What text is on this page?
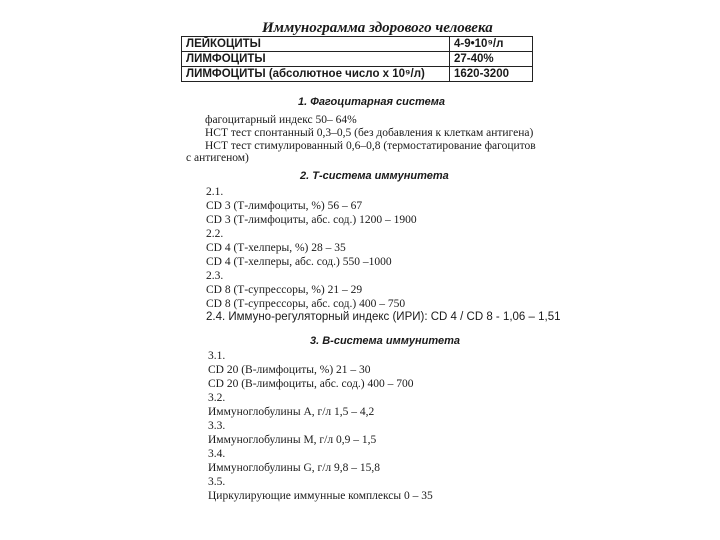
Иммунограмма здорового человека
ЛЕЙКОЦИТЫ	4-9•10⁹/л
ЛИМФОЦИТЫ	27-40%
ЛИМФОЦИТЫ (абсолютное число х 10⁹/л)	1620-3200
1. Фагоцитарная система
фагоцитарный индекс 50– 64%
НСТ тест спонтанный 0,3–0,5 (без добавления к клеткам антигена)
НСТ тест стимулированный 0,6–0,8 (термостатирование фагоцитов
с антигеном)
2. Т-система иммунитета
2.1.
CD 3 (Т-лимфоциты, %) 56 – 67
CD 3 (Т-лимфоциты, абс. сод.) 1200 – 1900
2.2.
CD 4 (Т-хелперы, %) 28 – 35
CD 4 (Т-хелперы, абс. сод.) 550 –1000
2.3.
CD 8 (Т-супрессоры, %) 21 – 29
CD 8 (Т-супрессоры, абс. сод.) 400 – 750
2.4. Иммуно-регуляторный индекс (ИРИ): CD 4 / CD 8 - 1,06 – 1,51
3. В-система иммунитета
3.1.
CD 20 (В-лимфоциты, %) 21 – 30
CD 20 (В-лимфоциты, абс. сод.) 400 – 700
3.2.
Иммуноглобулины А, г/л 1,5 – 4,2
3.3.
Иммуноглобулины М, г/л 0,9 – 1,5
3.4.
Иммуноглобулины G, г/л 9,8 – 15,8
3.5.
Циркулирующие иммунные комплексы 0 – 35
